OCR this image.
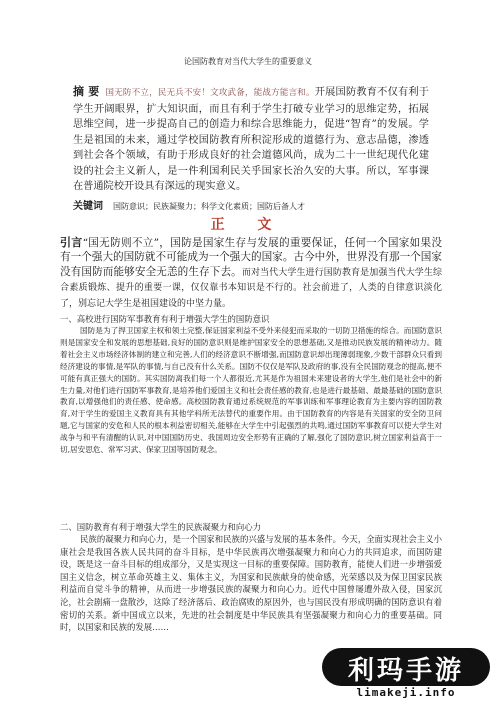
论国防教育对当代大学生的重要意义
摘 要 国无防不立，民无兵不安！文攻武备，能战方能言和。开展国防教育不仅有利于学生开阔眼界，扩大知识面，而且有利于学生打破专业学习的思维定势，拓展思维空间，进一步提高自己的创造力和综合思维能力，促进“智育”的发展。学生是祖国的未来，通过学校国防教育所积淀形成的道德行为、意志品德，渗透到社会各个领域，有助于形成良好的社会道德风尚，成为二十一世纪现代化建设的社会主义新人，是一件利国利民关乎国家长治久安的大事。所以，军事课在普通院校开设具有深远的现实意义。
关键词 国防意识；民族凝聚力；科学文化素质；国防后备人才
正 文
引言“国无防则不立”，国防是国家生存与发展的重要保证，任何一个国家如果没有一个强大的国防就不可能成为一个强大的国家。古今中外，世界没有那一个国家没有国防而能够安全无恙的生存下去。而对当代大学生进行国防教育是加强当代大学生综合素质锻炼、提升的重要一课，仅仅靠书本知识是不行的。社会前进了，人类的自律意识淡化了，别忘记大学生是祖国建设的中坚力量。
一、高校进行国防军事教育有利于增强大学生的国防意识
国防是为了捍卫国家主权和领土完整,保证国家利益不受外来侵犯而采取的一切防卫措施的综合。而国防意识则是国家安全和发展的思想基础,良好的国防意识则是维护国家安全的思想基础,又是推动民族发展的精神动力。随着社会主义市场经济体制的建立和完善,人们的经济意识不断增强,而国防意识却出现薄弱现象,少数干部群众只看到经济建设的事情,是军队的事情,与自己没有什么关系。国防不仅仅是军队及政府的事,没有全民国防观念的提高,便不可能有真正强大的国防。其实国防离我们每一个人都很近,尤其是作为祖国未来建设者的大学生,他们是社会中的新生力量,对他们进行国防军事教育,是培养他们爱国主义和社会责任感的教育,也是进行最基础、最最基础的国防意识教育,以增强他们的责任感、使命感。高校国防教育通过系统规范的军事训练和军事理论教育为主要内容的国防教育,对于学生的爱国主义教育具有其他学科所无法替代的重要作用。由于国防教育的内容是有关国家的安全防卫问题,它与国家的安危和人民的根本利益密切相关,能够在大学生中引起强烈的共鸣,通过国防军事教育可以使大学生对战争与和平有清醒的认识,对中国国防历史、我国周边安全形势有正确的了解,强化了国防意识,树立国家利益高于一切,居安思危、常军习武、保家卫国等国防观念。
二、国防教育有利于增强大学生的民族凝聚力和向心力
民族的凝聚力和向心力，是一个国家和民族的兴盛与发展的基本条件。今天，全面实现社会主义小康社会是我国各族人民共同的奋斗目标，是中华民族再次增强凝聚力和向心力的共同追求，而国防建设，既是这一奋斗目标的组成部分，又是实现这一目标的重要保障。国防教育，能使人们进一步增强爱国主义信念，树立革命英雄主义、集体主义，为国家和民族献身的使命感，光荣感以及为保卫国家民族利益而自觉斗争的精神，从而进一步增强民族的凝聚力和向心力。近代中国曾屡遭外敌入侵，国家沉沦，社会剧痛一盘散沙，这除了经济落后、政治腐败的原因外，也与国民没有形成明确的国防意识有着密切的关系。新中国成立以来，先进的社会制度是中华民族具有坚强凝聚力和向心力的重要基础。同时，以国家和民族的发展……
利玛手游
limakeji.info
